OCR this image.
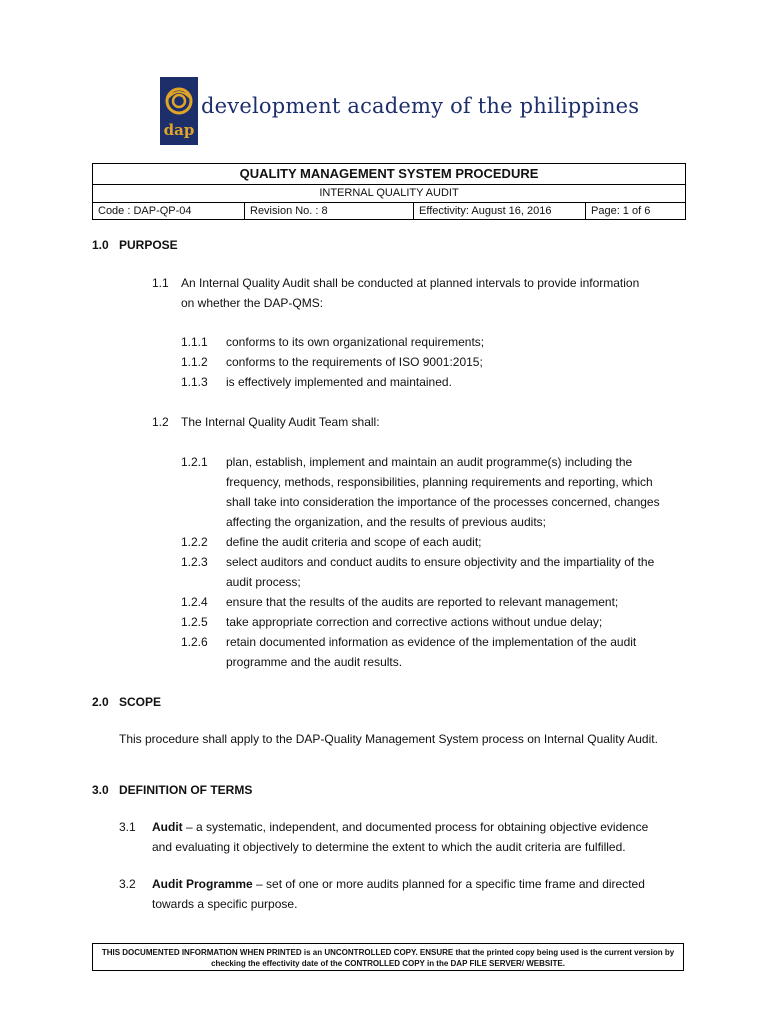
dap
development academy of the philippines
QUALITY MANAGEMENT SYSTEM PROCEDURE
INTERNAL QUALITY AUDIT
Code : DAP-QP-04	Revision No. : 8	Effectivity: August 16, 2016	Page: 1 of 6
1.0 PURPOSE
1.1 An Internal Quality Audit shall be conducted at planned intervals to provide information
on whether the DAP-QMS:
1.1.1 conforms to its own organizational requirements;
1.1.2 conforms to the requirements of ISO 9001:2015;
1.1.3 is effectively implemented and maintained.
1.2 The Internal Quality Audit Team shall:
1.2.1 plan, establish, implement and maintain an audit programme(s) including the
frequency, methods, responsibilities, planning requirements and reporting, which
shall take into consideration the importance of the processes concerned, changes
affecting the organization, and the results of previous audits;
1.2.2 define the audit criteria and scope of each audit;
1.2.3 select auditors and conduct audits to ensure objectivity and the impartiality of the
audit process;
1.2.4 ensure that the results of the audits are reported to relevant management;
1.2.5 take appropriate correction and corrective actions without undue delay;
1.2.6 retain documented information as evidence of the implementation of the audit
programme and the audit results.
2.0 SCOPE
This procedure shall apply to the DAP-Quality Management System process on Internal Quality Audit.
3.0 DEFINITION OF TERMS
3.1 Audit – a systematic, independent, and documented process for obtaining objective evidence
and evaluating it objectively to determine the extent to which the audit criteria are fulfilled.
3.2 Audit Programme – set of one or more audits planned for a specific time frame and directed
towards a specific purpose.
THIS DOCUMENTED INFORMATION WHEN PRINTED is an UNCONTROLLED COPY. ENSURE that the printed copy being used is the current version by
checking the effectivity date of the CONTROLLED COPY in the DAP FILE SERVER/ WEBSITE.
